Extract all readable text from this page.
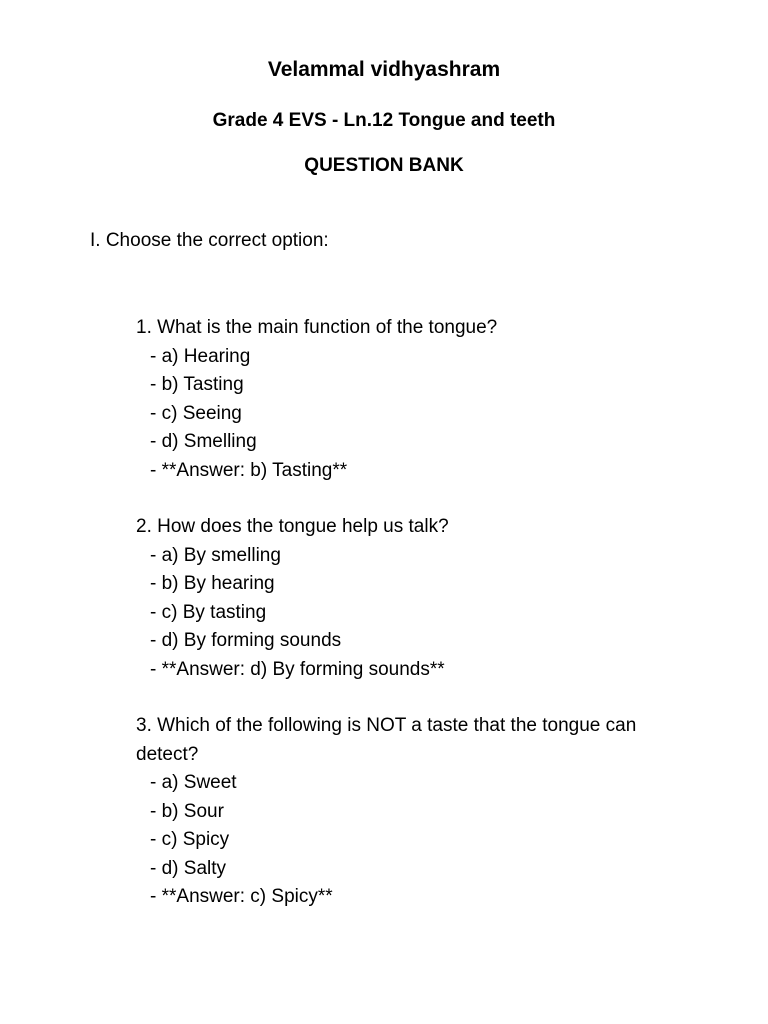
Velammal vidhyashram
Grade 4 EVS - Ln.12 Tongue and teeth
QUESTION BANK
I. Choose the correct option:

1. What is the main function of the tongue?

- a) Hearing
- b) Tasting
- c) Seeing
- d) Smelling
- **Answer: b) Tasting**

2. How does the tongue help us talk?

- a) By smelling
- b) By hearing
- c) By tasting
- d) By forming sounds
- **Answer: d) By forming sounds**

3. Which of the following is NOT a taste that the tongue can detect?

- a) Sweet
- b) Sour
- c) Spicy
- d) Salty
- **Answer: c) Spicy**
